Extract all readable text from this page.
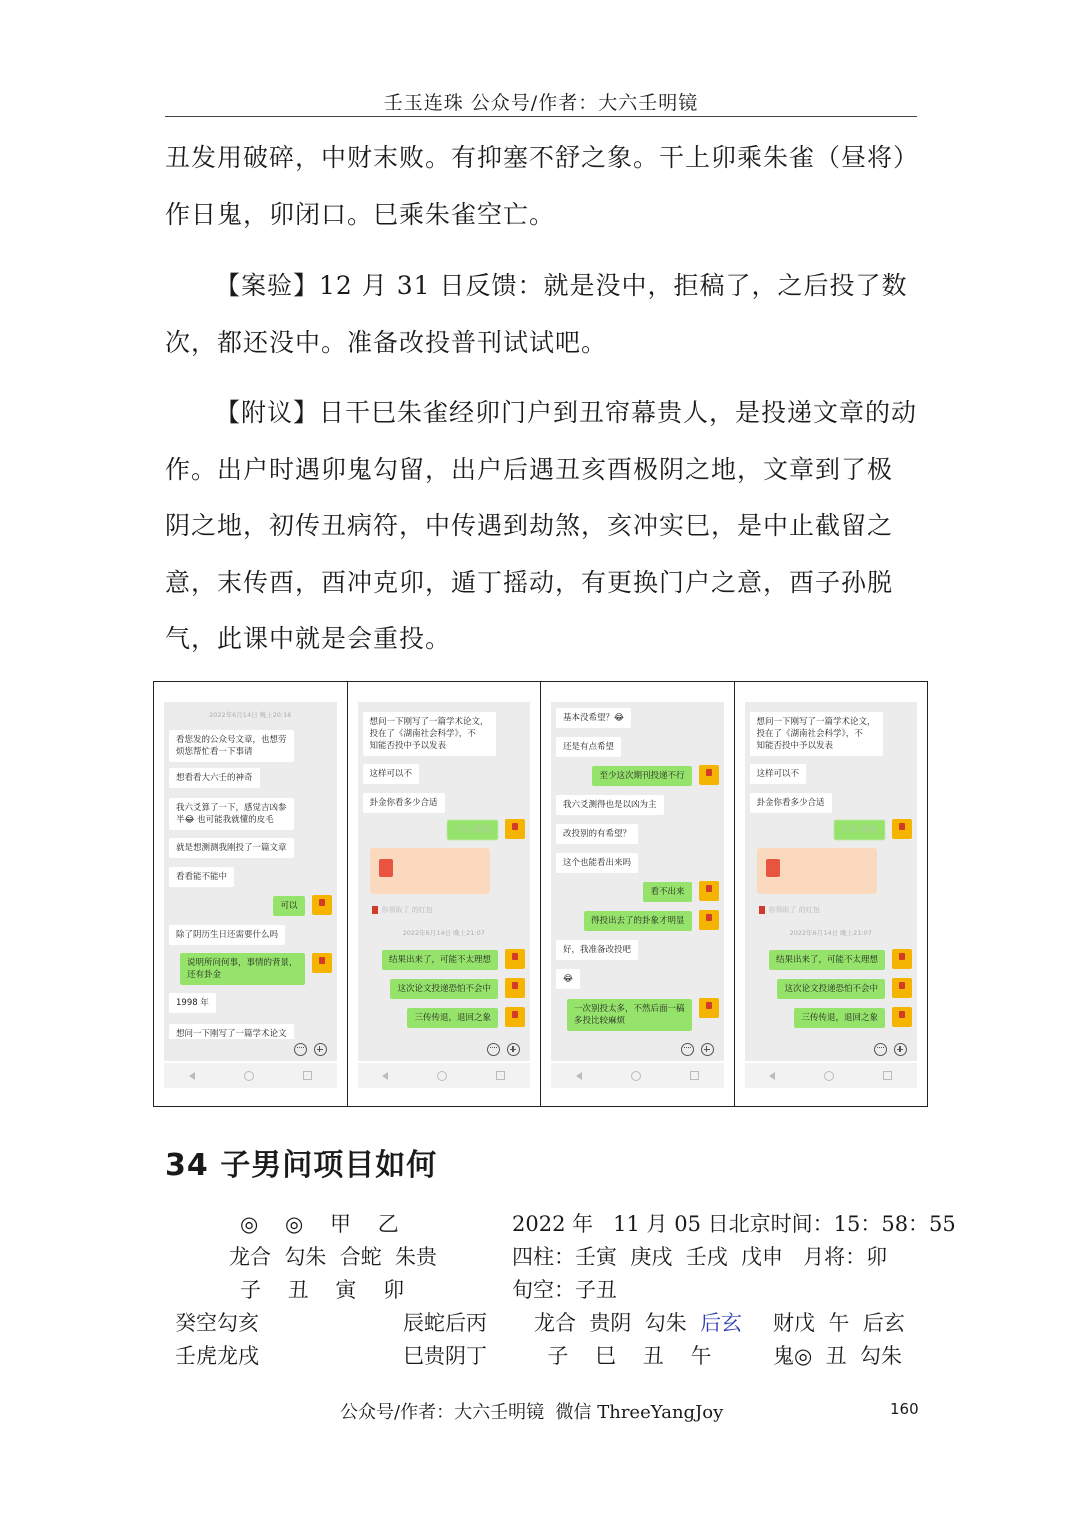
壬玉连珠 公众号/作者：大六壬明镜

丑发用破碎，中财末败。有抑塞不舒之象。干上卯乘朱雀（昼将）作日鬼，卯闭口。巳乘朱雀空亡。

【案验】12 月 31 日反馈：就是没中，拒稿了，之后投了数次，都还没中。准备改投普刊试试吧。

【附议】日干巳朱雀经卯门户到丑帘幕贵人，是投递文章的动作。出户时遇卯鬼勾留，出户后遇丑亥酉极阴之地，文章到了极阴之地，初传丑病符，中传遇到劫煞，亥冲实巳，是中止截留之意，末传酉，酉冲克卯，遁丁摇动，有更换门户之意，酉子孙脱气，此课中就是会重投。

2022年6月14日 晚上20:16
看您发的公众号文章，也想劳
烦您帮忙看一下事请
想看看大六壬的神奇
我六爻算了一下，感觉吉凶参
半😂 也可能我就懂的皮毛
就是想测测我刚投了一篇文章
看看能不能中
可以
除了阴历生日还需要什么吗
说明所问何事，事情的背景，
还有卦金
1998 年
想问一下刚写了一篇学术论文
想问一下刚写了一篇学术论文，
投在了《湖南社会科学》，不
知能否投中予以发表
这样可以不
卦金你看多少合适
可以 随意
你领取了 的红包
2022年6月14日 晚上21:07
结果出来了，可能不太理想
这次论文投递恐怕不会中
三传传退，退回之象
基本没希望？😂
还是有点希望
至少这次期刊投递不行
我六爻测得也是以凶为主
改投别的有希望？
这个也能看出来吗
看不出来
得投出去了的卦象才明显
好，我准备改投吧
😂
一次别投太多，不然后面一稿
多投比较麻烦
想问一下刚写了一篇学术论文，
投在了《湖南社会科学》，不
知能否投中予以发表
这样可以不
卦金你看多少合适
可以 随意
你领取了 的红包
2022年6月14日 晚上21:07
结果出来了，可能不太理想
这次论文投递恐怕不会中
三传传退，退回之象
34 子男问项目如何
◎    ◎    甲    乙
龙合  勾朱  合蛇  朱贵
子    丑    寅    卯
2022 年   11 月 05 日北京时间：15：58：55
四柱：壬寅  庚戌  壬戌  戊申   月将：卯
旬空：子丑
癸空勾亥	辰蛇后丙
壬虎龙戌	巳贵阴丁
龙合  贵阴  勾朱  后玄
子    巳    丑    午
财戊  午  后玄
鬼◎  丑  勾朱
公众号/作者：大六壬明镜  微信 ThreeYangJoy	160
